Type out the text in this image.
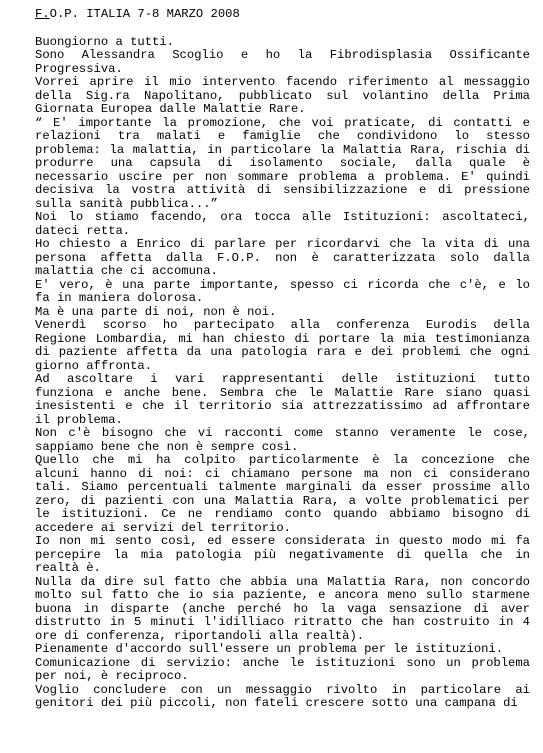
F.O.P. ITALIA 7-8 MARZO 2008

Buongiorno a tutti.

Sono Alessandra Scoglio e ho la Fibrodisplasia Ossificante
Progressiva.

Vorrei aprire il mio intervento facendo riferimento al messaggio
della Sig.ra Napolitano, pubblicato sul volantino della Prima
Giornata Europea dalle Malattie Rare.

“ E' importante la promozione, che voi praticate, di contatti e
relazioni tra malati e famiglie che condividono lo stesso
problema: la malattia, in particolare la Malattia Rara, rischia di
produrre una capsula di isolamento sociale, dalla quale è
necessario uscire per non sommare problema a problema. E' quindi
decisiva la vostra attività di sensibilizzazione e di pressione
sulla sanità pubblica...”

Noi lo stiamo facendo, ora tocca alle Istituzioni: ascoltateci,
dateci retta.

Ho chiesto a Enrico di parlare per ricordarvi che la vita di una
persona affetta dalla F.O.P. non è caratterizzata solo dalla
malattia che ci accomuna.

E' vero, è una parte importante, spesso ci ricorda che c'è, e lo
fa in maniera dolorosa.

Ma è una parte di noi, non è noi.

Venerdì scorso ho partecipato alla conferenza Eurodis della
Regione Lombardia, mi han chiesto di portare la mia testimonianza
di paziente affetta da una patologia rara e dei problemi che ogni
giorno affronta.

Ad ascoltare i vari rappresentanti delle istituzioni tutto
funziona e anche bene. Sembra che le Malattie Rare siano quasi
inesistenti e che il territorio sia attrezzatissimo ad affrontare
il problema.

Non c'è bisogno che vi racconti come stanno veramente le cose,
sappiamo bene che non è sempre così.

Quello che mi ha colpito particolarmente è la concezione che
alcuni hanno di noi: ci chiamano persone ma non ci considerano
tali. Siamo percentuali talmente marginali da esser prossime allo
zero, di pazienti con una Malattia Rara, a volte problematici per
le istituzioni. Ce ne rendiamo conto quando abbiamo bisogno di
accedere ai servizi del territorio.

Io non mi sento così, ed essere considerata in questo modo mi fa
percepire la mia patologia più negativamente di quella che in
realtà è.

Nulla da dire sul fatto che abbia una Malattia Rara, non concordo
molto sul fatto che io sia paziente, e ancora meno sullo starmene
buona in disparte (anche perché ho la vaga sensazione di aver
distrutto in 5 minuti l'idilliaco ritratto che han costruito in 4
ore di conferenza, riportandoli alla realtà).

Pienamente d'accordo sull'essere un problema per le istituzioni.

Comunicazione di servizio: anche le istituzioni sono un problema
per noi, è reciproco.

Voglio concludere con un messaggio rivolto in particolare ai
genitori dei più piccoli, non fateli crescere sotto una campana di
